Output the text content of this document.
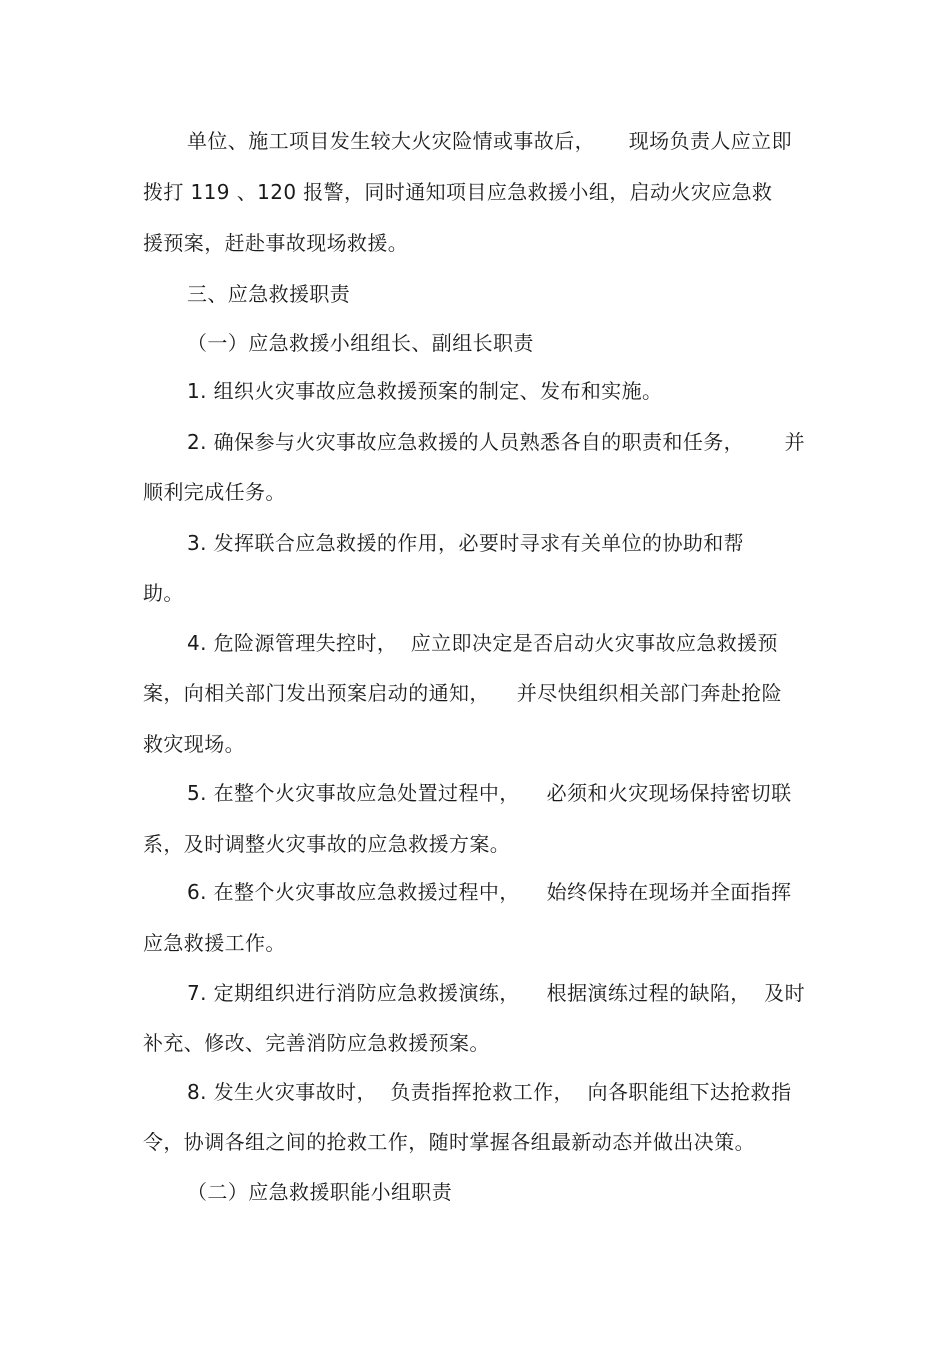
单位、施工项目发生较大火灾险情或事故后，     现场负责人应立即
拨打 119 、120 报警，同时通知项目应急救援小组，启动火灾应急救
援预案，赶赴事故现场救援。
三、应急救援职责
（一）应急救援小组组长、副组长职责
1. 组织火灾事故应急救援预案的制定、发布和实施。
2. 确保参与火灾事故应急救援的人员熟悉各自的职责和任务，      并
顺利完成任务。
3. 发挥联合应急救援的作用，必要时寻求有关单位的协助和帮
助。
4. 危险源管理失控时，  应立即决定是否启动火灾事故应急救援预
案，向相关部门发出预案启动的通知，    并尽快组织相关部门奔赴抢险
救灾现场。
5. 在整个火灾事故应急处置过程中，    必须和火灾现场保持密切联
系，及时调整火灾事故的应急救援方案。
6. 在整个火灾事故应急救援过程中，    始终保持在现场并全面指挥
应急救援工作。
7. 定期组织进行消防应急救援演练，    根据演练过程的缺陷，  及时
补充、修改、完善消防应急救援预案。
8. 发生火灾事故时，  负责指挥抢救工作，  向各职能组下达抢救指
令，协调各组之间的抢救工作，随时掌握各组最新动态并做出决策。
（二）应急救援职能小组职责
